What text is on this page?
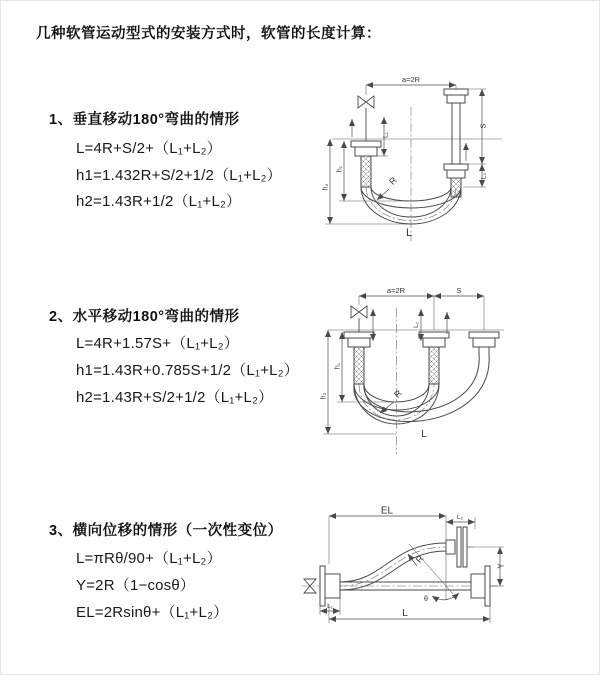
几种软管运动型式的安装方式时，软管的长度计算：
1、垂直移动180°弯曲的情形
L=4R+S/2+（L₁+L₂）
h1=1.432R+S/2+1/2（L₁+L₂）
h2=1.43R+1/2（L₁+L₂）
2、水平移动180°弯曲的情形
L=4R+1.57S+（L₁+L₂）
h1=1.43R+0.785S+1/2（L₁+L₂）
h2=1.43R+S/2+1/2（L₁+L₂）
3、横向位移的情形（一次性变位）
L=πRθ/90+（L₁+L₂）
Y=2R（1−cosθ）
EL=2Rsinθ+（L₁+L₂）
a=2R
h₁
h₂
L₁
S
L₂
R
L
a=2R	S
h₁
h₂
L₁
R
L
EL
L₂
Y
θ
R
L₁
L
